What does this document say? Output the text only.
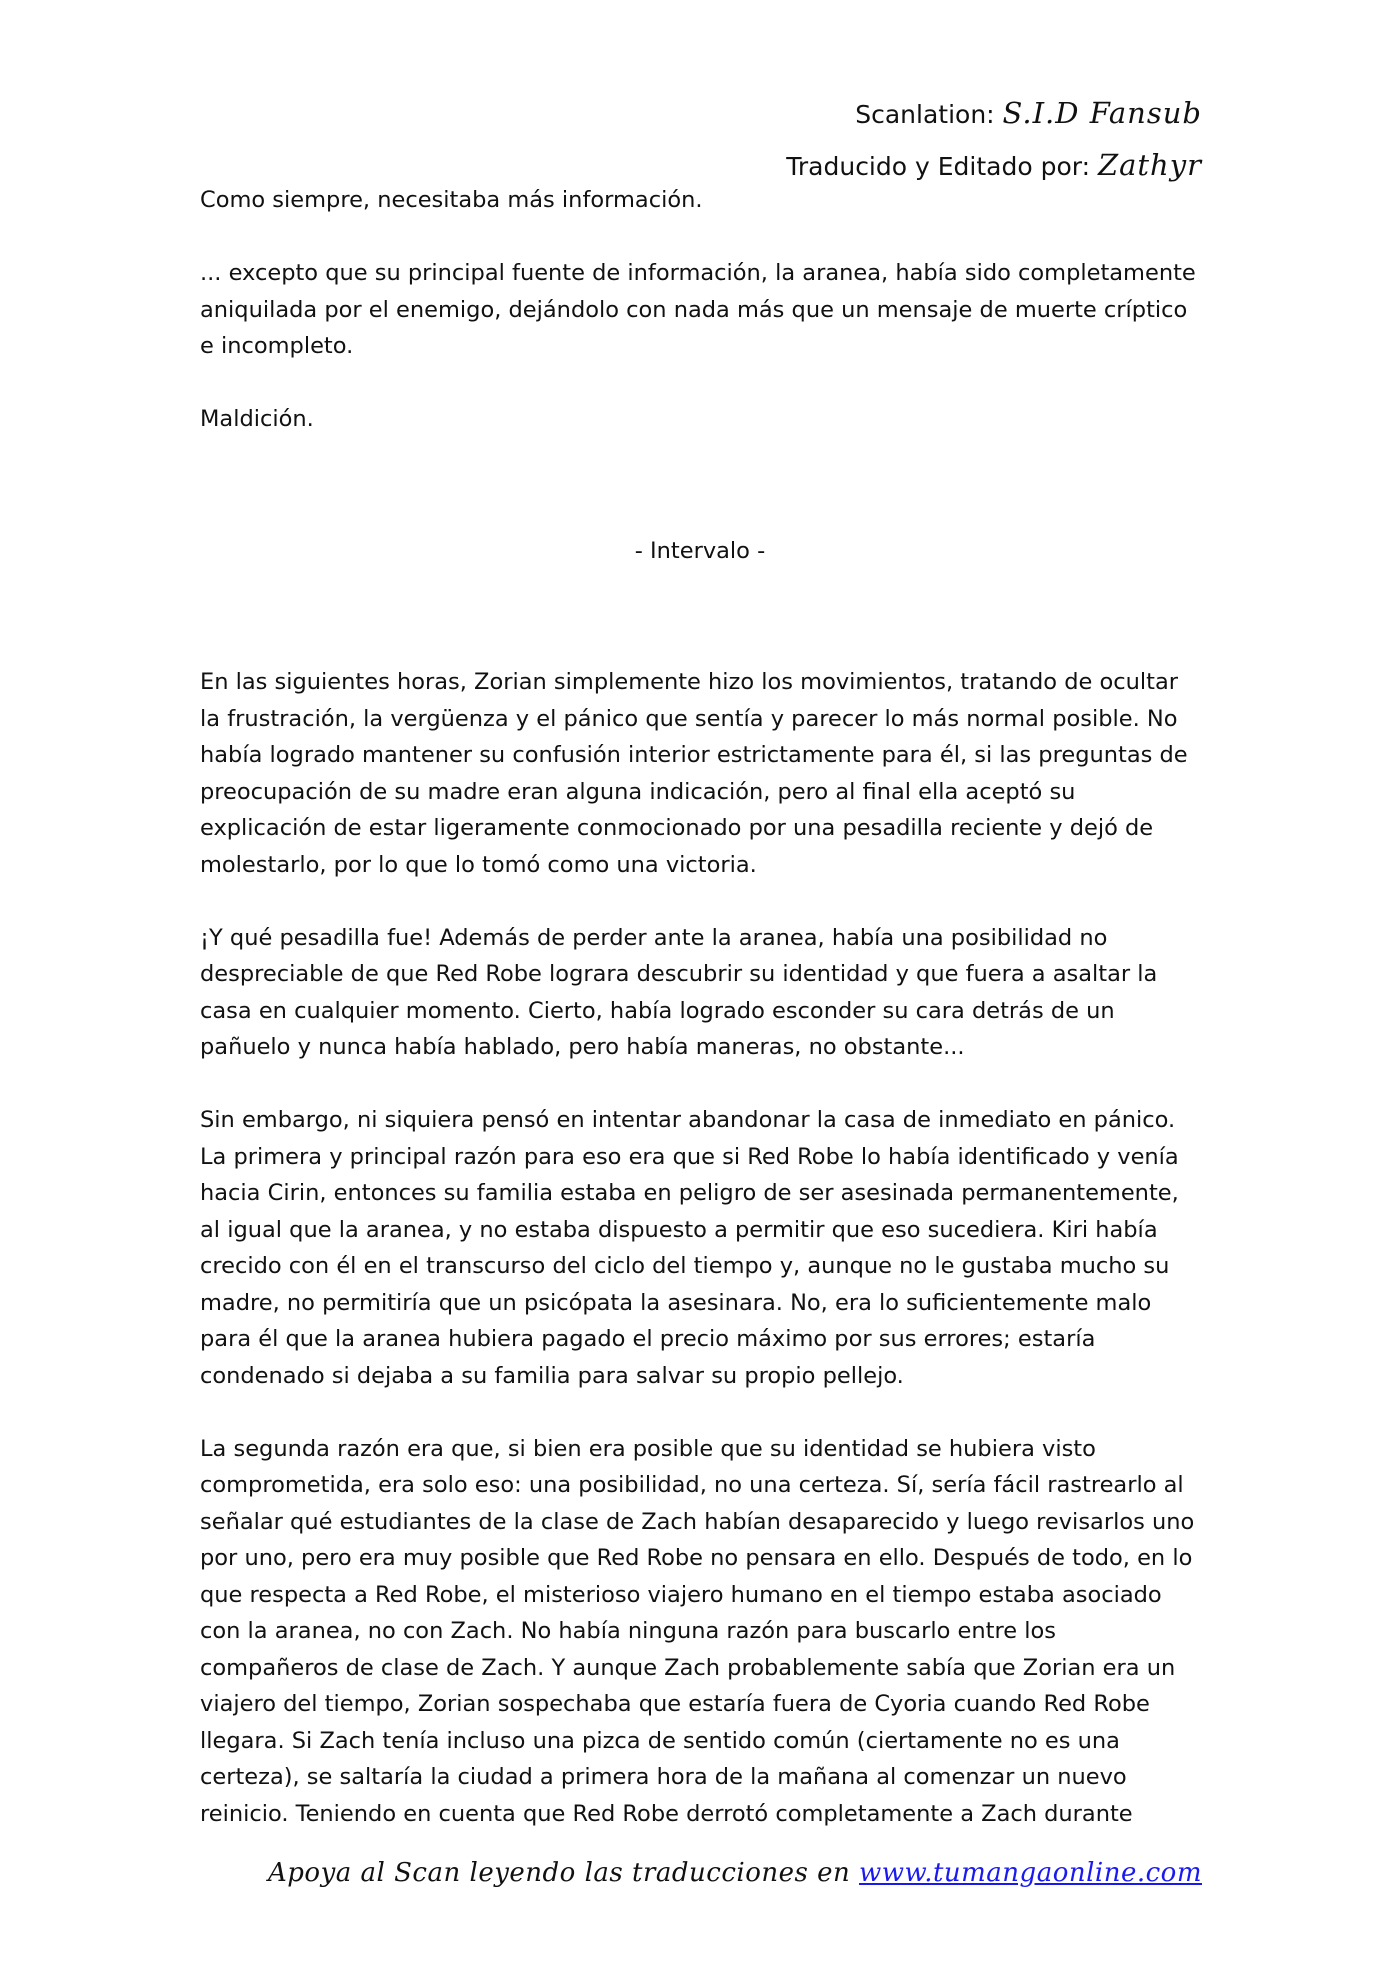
Scanlation: S.I.D Fansub
Traducido y Editado por: Zathyr

Como siempre, necesitaba más información.

... excepto que su principal fuente de información, la aranea, había sido completamente aniquilada por el enemigo, dejándolo con nada más que un mensaje de muerte críptico e incompleto.

Maldición.

- Intervalo -

En las siguientes horas, Zorian simplemente hizo los movimientos, tratando de ocultar la frustración, la vergüenza y el pánico que sentía y parecer lo más normal posible. No había logrado mantener su confusión interior estrictamente para él, si las preguntas de preocupación de su madre eran alguna indicación, pero al final ella aceptó su explicación de estar ligeramente conmocionado por una pesadilla reciente y dejó de molestarlo, por lo que lo tomó como una victoria.

¡Y qué pesadilla fue! Además de perder ante la aranea, había una posibilidad no despreciable de que Red Robe lograra descubrir su identidad y que fuera a asaltar la casa en cualquier momento. Cierto, había logrado esconder su cara detrás de un pañuelo y nunca había hablado, pero había maneras, no obstante...

Sin embargo, ni siquiera pensó en intentar abandonar la casa de inmediato en pánico. La primera y principal razón para eso era que si Red Robe lo había identificado y venía hacia Cirin, entonces su familia estaba en peligro de ser asesinada permanentemente, al igual que la aranea, y no estaba dispuesto a permitir que eso sucediera. Kiri había crecido con él en el transcurso del ciclo del tiempo y, aunque no le gustaba mucho su madre, no permitiría que un psicópata la asesinara. No, era lo suficientemente malo para él que la aranea hubiera pagado el precio máximo por sus errores; estaría condenado si dejaba a su familia para salvar su propio pellejo.

La segunda razón era que, si bien era posible que su identidad se hubiera visto comprometida, era solo eso: una posibilidad, no una certeza. Sí, sería fácil rastrearlo al señalar qué estudiantes de la clase de Zach habían desaparecido y luego revisarlos uno por uno, pero era muy posible que Red Robe no pensara en ello. Después de todo, en lo que respecta a Red Robe, el misterioso viajero humano en el tiempo estaba asociado con la aranea, no con Zach. No había ninguna razón para buscarlo entre los compañeros de clase de Zach. Y aunque Zach probablemente sabía que Zorian era un viajero del tiempo, Zorian sospechaba que estaría fuera de Cyoria cuando Red Robe llegara. Si Zach tenía incluso una pizca de sentido común (ciertamente no es una certeza), se saltaría la ciudad a primera hora de la mañana al comenzar un nuevo reinicio. Teniendo en cuenta que Red Robe derrotó completamente a Zach durante

Apoya al Scan leyendo las traducciones en www.tumangaonline.com
